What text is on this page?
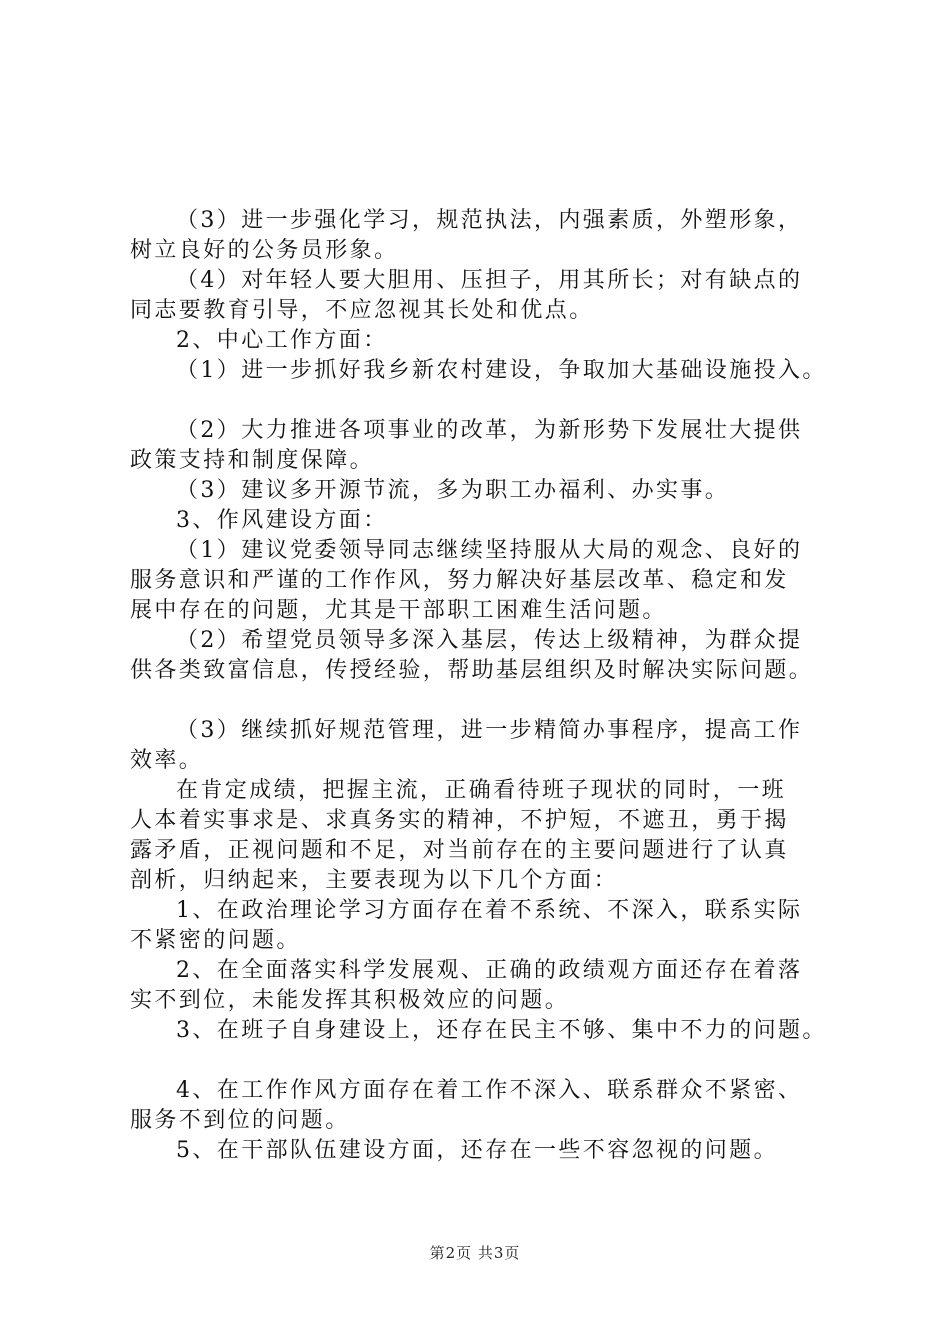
（3）进一步强化学习，规范执法，内强素质，外塑形象，
树立良好的公务员形象。
（4）对年轻人要大胆用、压担子，用其所长；对有缺点的
同志要教育引导，不应忽视其长处和优点。
2、中心工作方面：
（1）进一步抓好我乡新农村建设，争取加大基础设施投入。
（2）大力推进各项事业的改革，为新形势下发展壮大提供
政策支持和制度保障。
（3）建议多开源节流，多为职工办福利、办实事。
3、作风建设方面：
（1）建议党委领导同志继续坚持服从大局的观念、良好的
服务意识和严谨的工作作风，努力解决好基层改革、稳定和发
展中存在的问题，尤其是干部职工困难生活问题。
（2）希望党员领导多深入基层，传达上级精神，为群众提
供各类致富信息，传授经验，帮助基层组织及时解决实际问题。
（3）继续抓好规范管理，进一步精简办事程序，提高工作
效率。
在肯定成绩，把握主流，正确看待班子现状的同时，一班
人本着实事求是、求真务实的精神，不护短，不遮丑，勇于揭
露矛盾，正视问题和不足，对当前存在的主要问题进行了认真
剖析，归纳起来，主要表现为以下几个方面：
1、在政治理论学习方面存在着不系统、不深入，联系实际
不紧密的问题。
2、在全面落实科学发展观、正确的政绩观方面还存在着落
实不到位，未能发挥其积极效应的问题。
3、在班子自身建设上，还存在民主不够、集中不力的问题。
4、在工作作风方面存在着工作不深入、联系群众不紧密、
服务不到位的问题。
5、在干部队伍建设方面，还存在一些不容忽视的问题。
第2页 共3页
